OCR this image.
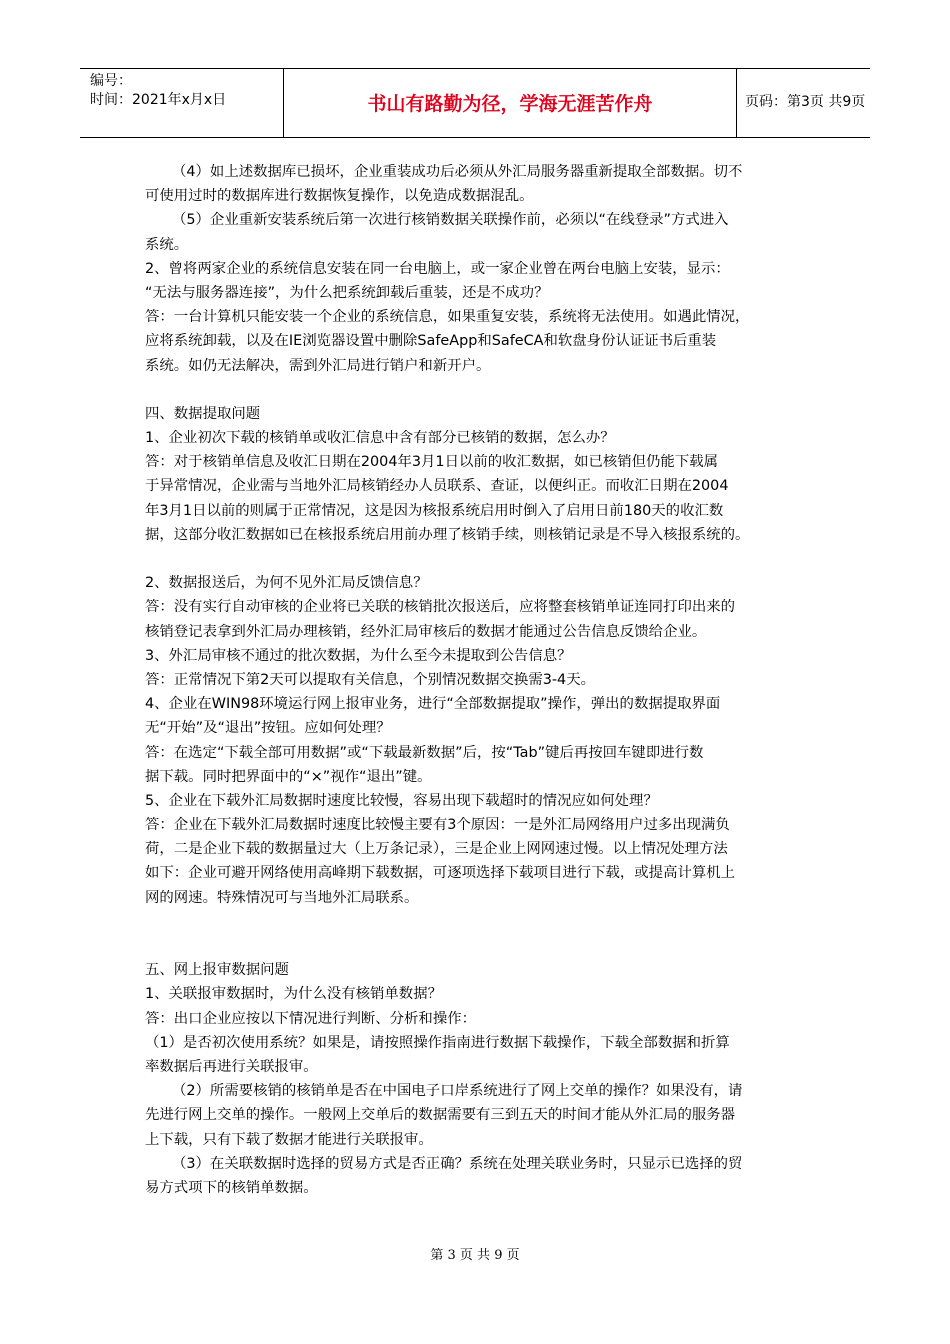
编号：
时间：2021年x月x日	书山有路勤为径，学海无涯苦作舟	页码：第3页 共9页
（4）如上述数据库已损坏，企业重装成功后必须从外汇局服务器重新提取全部数据。切不
可使用过时的数据库进行数据恢复操作，以免造成数据混乱。
（5）企业重新安装系统后第一次进行核销数据关联操作前，必须以“在线登录”方式进入
系统。
2、曾将两家企业的系统信息安装在同一台电脑上，或一家企业曾在两台电脑上安装，显示：
“无法与服务器连接”，为什么把系统卸载后重装，还是不成功？
答：一台计算机只能安装一个企业的系统信息，如果重复安装，系统将无法使用。如遇此情况，
应将系统卸载，以及在IE浏览器设置中删除SafeApp和SafeCA和软盘身份认证证书后重装
系统。如仍无法解决，需到外汇局进行销户和新开户。
四、数据提取问题
1、企业初次下载的核销单或收汇信息中含有部分已核销的数据，怎么办？
答：对于核销单信息及收汇日期在2004年3月1日以前的收汇数据，如已核销但仍能下载属
于异常情况，企业需与当地外汇局核销经办人员联系、查证，以便纠正。而收汇日期在2004
年3月1日以前的则属于正常情况，这是因为核报系统启用时倒入了启用日前180天的收汇数
据，这部分收汇数据如已在核报系统启用前办理了核销手续，则核销记录是不导入核报系统的。
2、数据报送后，为何不见外汇局反馈信息？
答：没有实行自动审核的企业将已关联的核销批次报送后，应将整套核销单证连同打印出来的
核销登记表拿到外汇局办理核销，经外汇局审核后的数据才能通过公告信息反馈给企业。
3、外汇局审核不通过的批次数据，为什么至今未提取到公告信息？
答：正常情况下第2天可以提取有关信息，个别情况数据交换需3-4天。
4、企业在WIN98环境运行网上报审业务，进行“全部数据提取”操作，弹出的数据提取界面
无“开始”及“退出”按钮。应如何处理？
答：在选定“下载全部可用数据”或“下载最新数据”后，按“Tab”键后再按回车键即进行数
据下载。同时把界面中的“×”视作“退出”键。
5、企业在下载外汇局数据时速度比较慢，容易出现下载超时的情况应如何处理？
答：企业在下载外汇局数据时速度比较慢主要有3个原因：一是外汇局网络用户过多出现满负
荷，二是企业下载的数据量过大（上万条记录），三是企业上网网速过慢。以上情况处理方法
如下：企业可避开网络使用高峰期下载数据，可逐项选择下载项目进行下载，或提高计算机上
网的网速。特殊情况可与当地外汇局联系。
五、网上报审数据问题
1、关联报审数据时，为什么没有核销单数据？
答：出口企业应按以下情况进行判断、分析和操作：
（1）是否初次使用系统？如果是，请按照操作指南进行数据下载操作，下载全部数据和折算
率数据后再进行关联报审。
（2）所需要核销的核销单是否在中国电子口岸系统进行了网上交单的操作？如果没有，请
先进行网上交单的操作。一般网上交单后的数据需要有三到五天的时间才能从外汇局的服务器
上下载，只有下载了数据才能进行关联报审。
（3）在关联数据时选择的贸易方式是否正确？系统在处理关联业务时，只显示已选择的贸
易方式项下的核销单数据。
第 3 页 共 9 页
